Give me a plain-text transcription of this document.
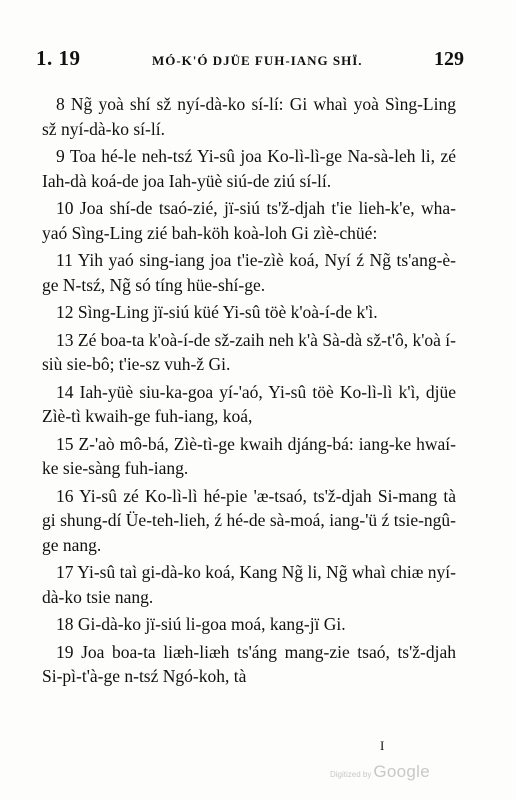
1. 19	MÓ-K'Ó DJÜE FUH-IANG SHÏ.	129

8 Ng̃ yoà shí sž nyí-dà-ko sí-lí: Gi whaì yoà Sìng-Ling sž nyí-dà-ko sí-lí.

9 Toa hé-le neh-tsź Yi-sû joa Ko-lì-lì-ge Na-sà-leh li, zé Iah-dà koá-de joa Iah-yüè siú-de ziú sí-lí.

10 Joa shí-de tsaó-zié, jï-siú ts'ž-djah t'ie lieh-k'e, wha-yaó Sìng-Ling zié bah-köh koà-loh Gi zìè-chüé:

11 Yih yaó sing-iang joa t'ie-zìè koá, Nyí ź Ng̃ ts'ang-è-ge N-tsź, Ng̃ só tíng hüe-shí-ge.

12 Sìng-Ling jï-siú küé Yi-sû töè k'oà-í-de k'ì.

13 Zé boa-ta k'oà-í-de sž-zaih neh k'à Sà-dà sž-t'ô, k'oà í-siù sie-bô; t'ie-sz vuh-ž Gi.

14 Iah-yüè siu-ka-goa yí-'aó, Yi-sû töè Ko-lì-lì k'ì, djüe Zìè-tì kwaih-ge fuh-iang, koá,

15 Z-'aò mô-bá, Zìè-tì-ge kwaih djáng-bá: iang-ke hwaí-ke sie-sàng fuh-iang.

16 Yi-sû zé Ko-lì-lì hé-pie 'æ-tsaó, ts'ž-djah Si-mang tà gi shung-dí Üe-teh-lieh, ź hé-de sà-moá, iang-'ü ź tsie-ngû-ge nang.

17 Yi-sû taì gi-dà-ko koá, Kang Ng̃ li, Ng̃ whaì chiæ nyí-dà-ko tsie nang.

18 Gi-dà-ko jï-siú li-goa moá, kang-jï Gi.

19 Joa boa-ta liæh-liæh ts'áng mang-zie tsaó, ts'ž-djah Si-pì-t'à-ge n-tsź Ngó-koh, tà

I
Digitized by Google
